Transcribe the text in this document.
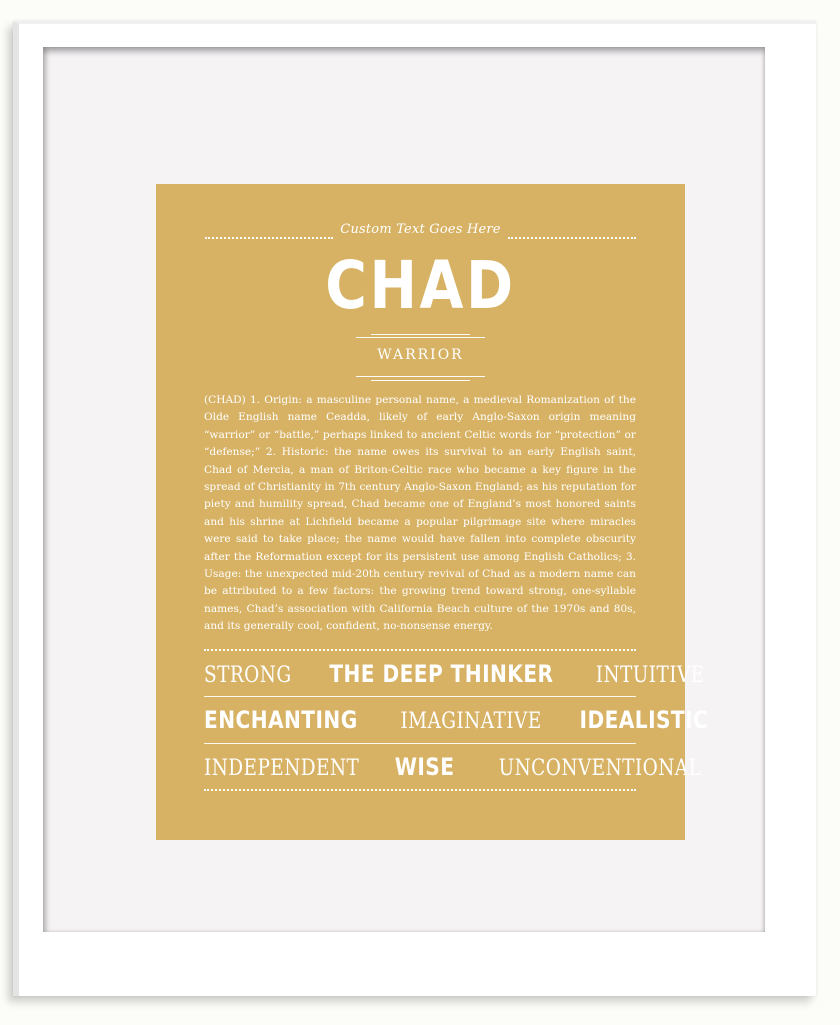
Custom Text Goes Here
CHAD
WARRIOR
(CHAD) 1. Origin: a masculine personal name, a medieval Romanization of the Olde English name Ceadda, likely of early Anglo-Saxon origin meaning “warrior” or “battle,” perhaps linked to ancient Celtic words for “protection” or “defense;” 2. Historic: the name owes its survival to an early English saint, Chad of Mercia, a man of Briton-Celtic race who became a key figure in the spread of Christianity in 7th century Anglo-Saxon England; as his reputation for piety and humility spread, Chad became one of England’s most honored saints and his shrine at Lichfield became a popular pilgrimage site where miracles were said to take place; the name would have fallen into complete obscurity after the Reformation except for its persistent use among English Catholics; 3. Usage: the unexpected mid-20th century revival of Chad as a modern name can be attributed to a few factors: the growing trend toward strong, one-syllable names, Chad’s association with California Beach culture of the 1970s and 80s, and its generally cool, confident, no-nonsense energy.
STRONG THE DEEP THINKER INTUITIVE
ENCHANTING IMAGINATIVE IDEALISTIC
INDEPENDENT WISE UNCONVENTIONAL
